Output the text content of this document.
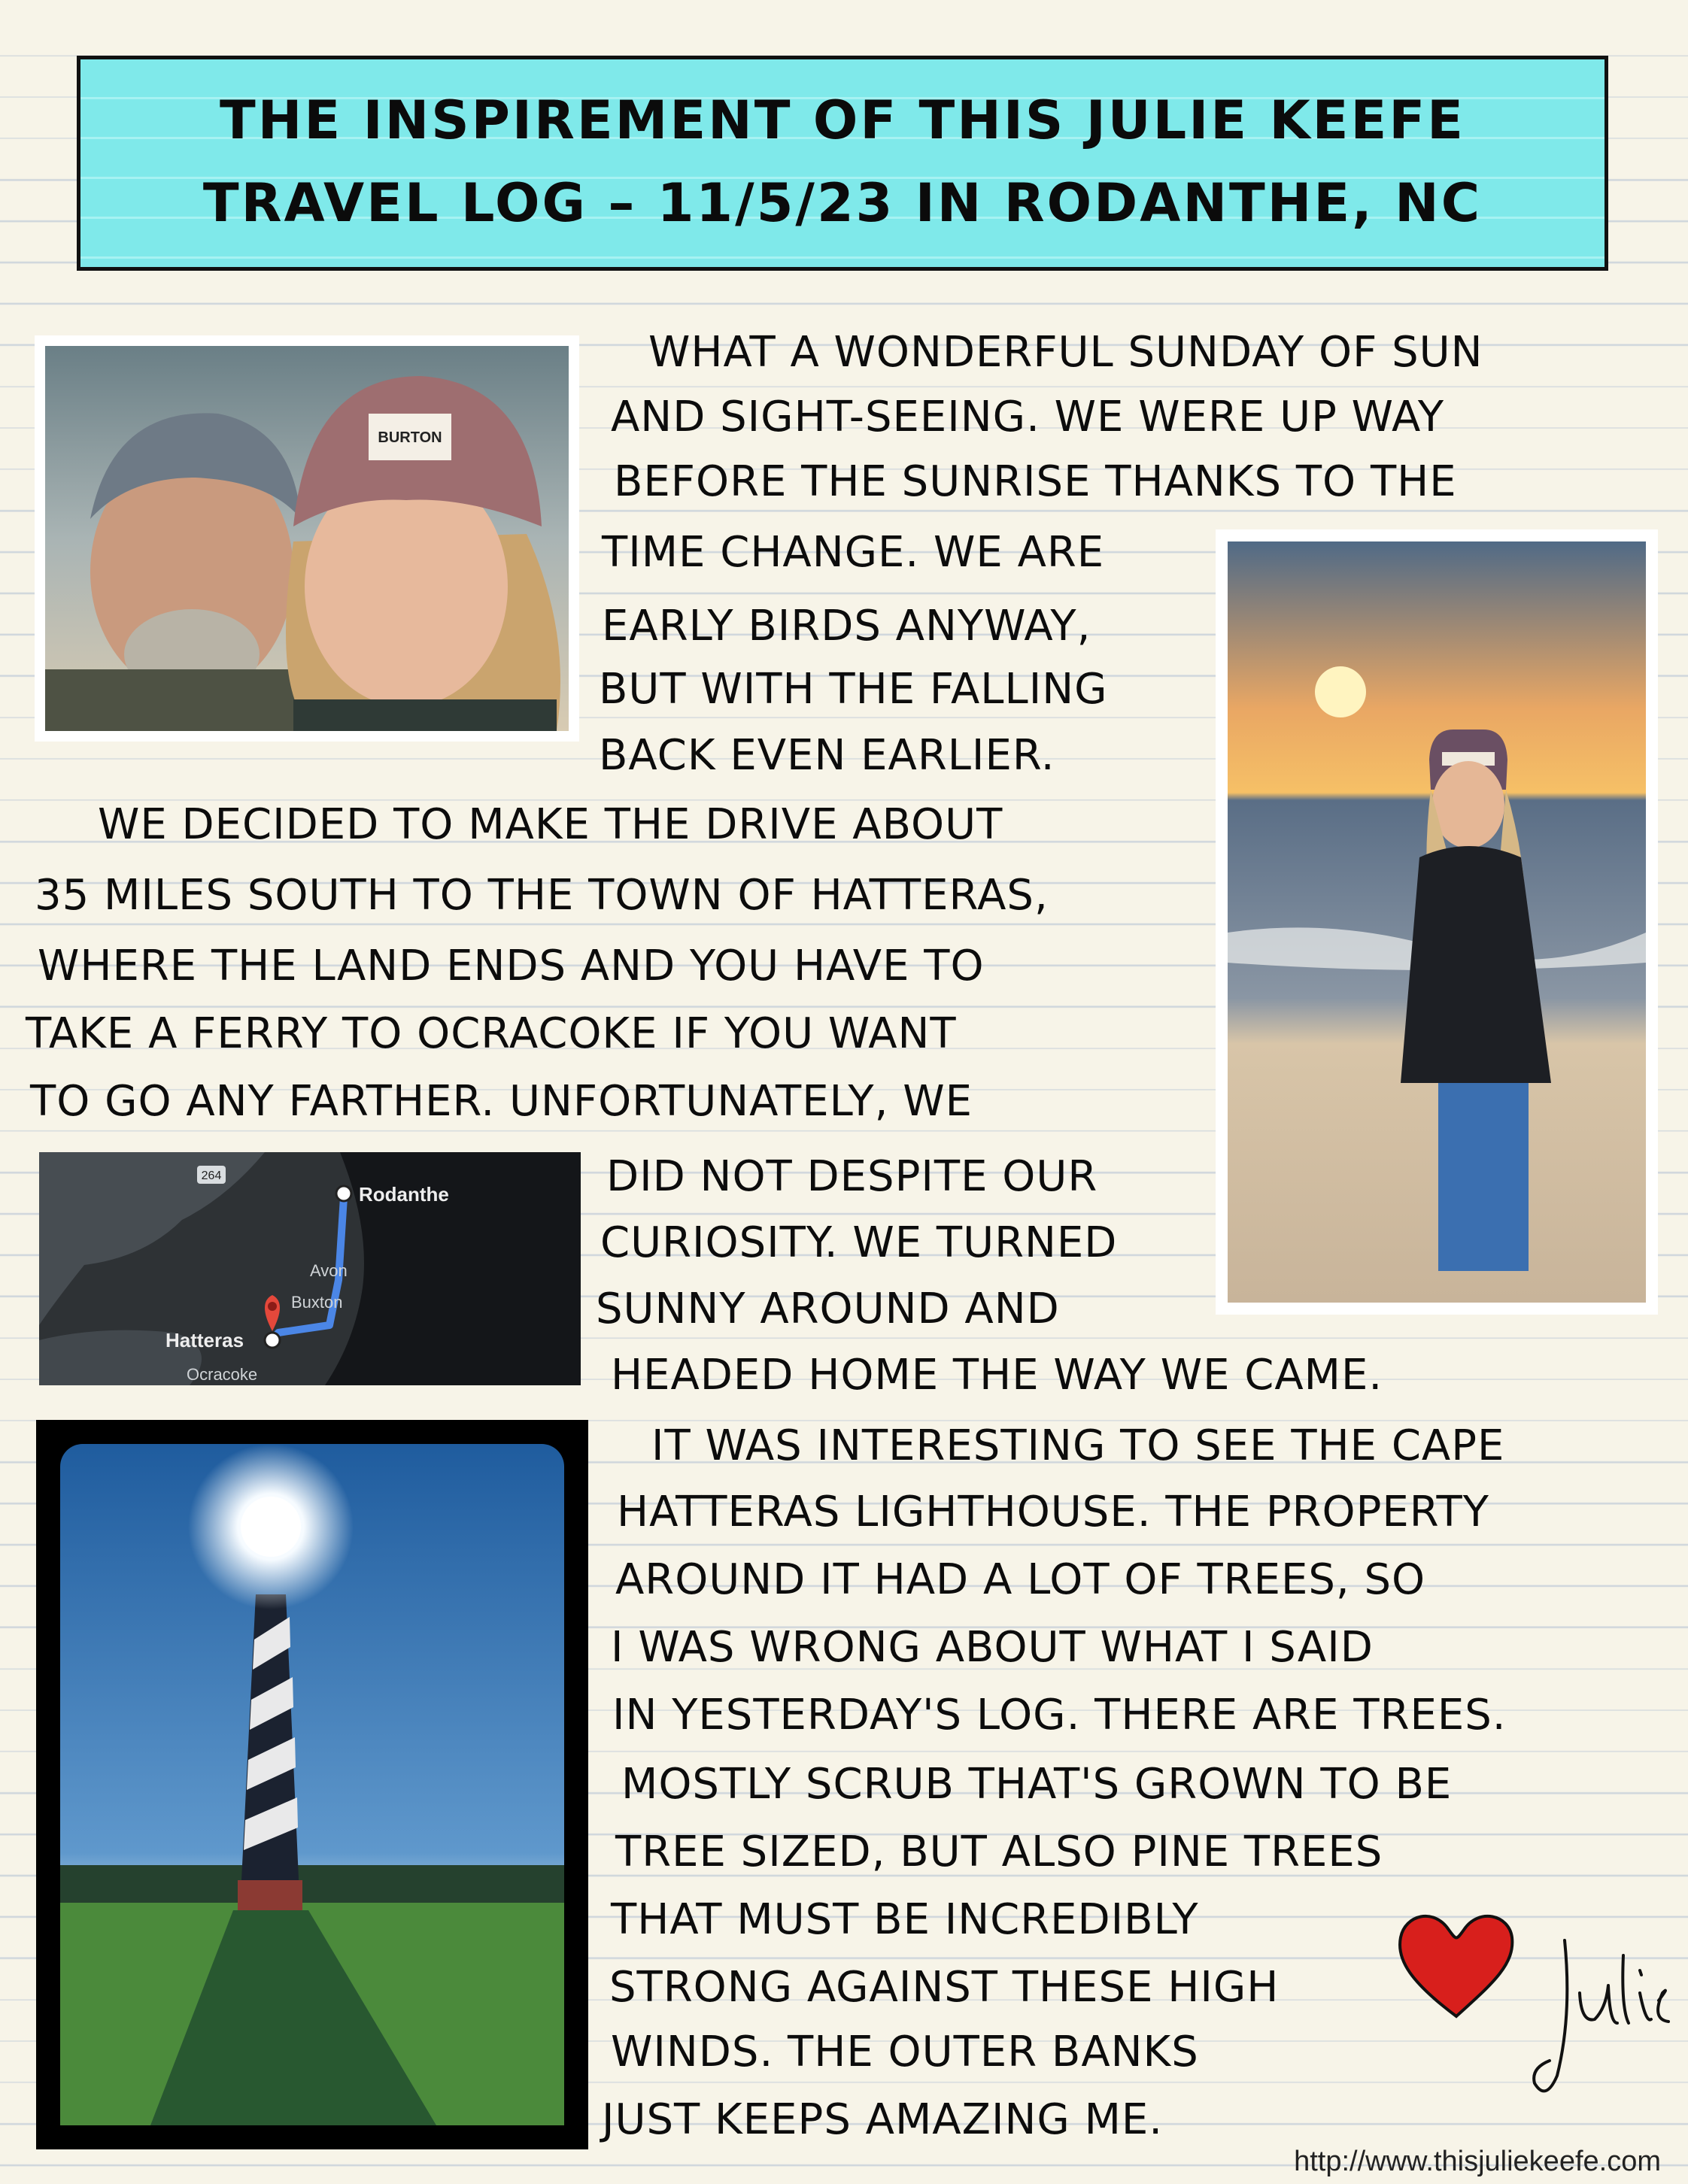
THE INSPIREMENT OF THIS JULIE KEEFE
TRAVEL LOG – 11/5/23 IN RODANTHE, NC
BURTON
264
Rodanthe
Avon
Buxton
Hatteras
Ocracoke
WHAT A WONDERFUL SUNDAY OF SUN
AND SIGHT-SEEING. WE WERE UP WAY
BEFORE THE SUNRISE THANKS TO THE
TIME CHANGE. WE ARE
EARLY BIRDS ANYWAY,
BUT WITH THE FALLING
BACK EVEN EARLIER.
WE DECIDED TO MAKE THE DRIVE ABOUT
35 MILES SOUTH TO THE TOWN OF HATTERAS,
WHERE THE LAND ENDS AND YOU HAVE TO
TAKE A FERRY TO OCRACOKE IF YOU WANT
TO GO ANY FARTHER. UNFORTUNATELY, WE
DID NOT DESPITE OUR
CURIOSITY. WE TURNED
SUNNY AROUND AND
HEADED HOME THE WAY WE CAME.
IT WAS INTERESTING TO SEE THE CAPE
HATTERAS LIGHTHOUSE. THE PROPERTY
AROUND IT HAD A LOT OF TREES, SO
I WAS WRONG ABOUT WHAT I SAID
IN YESTERDAY'S LOG. THERE ARE TREES.
MOSTLY SCRUB THAT'S GROWN TO BE
TREE SIZED, BUT ALSO PINE TREES
THAT MUST BE INCREDIBLY
STRONG AGAINST THESE HIGH
WINDS. THE OUTER BANKS
JUST KEEPS AMAZING ME.
http://www.thisjuliekeefe.com
